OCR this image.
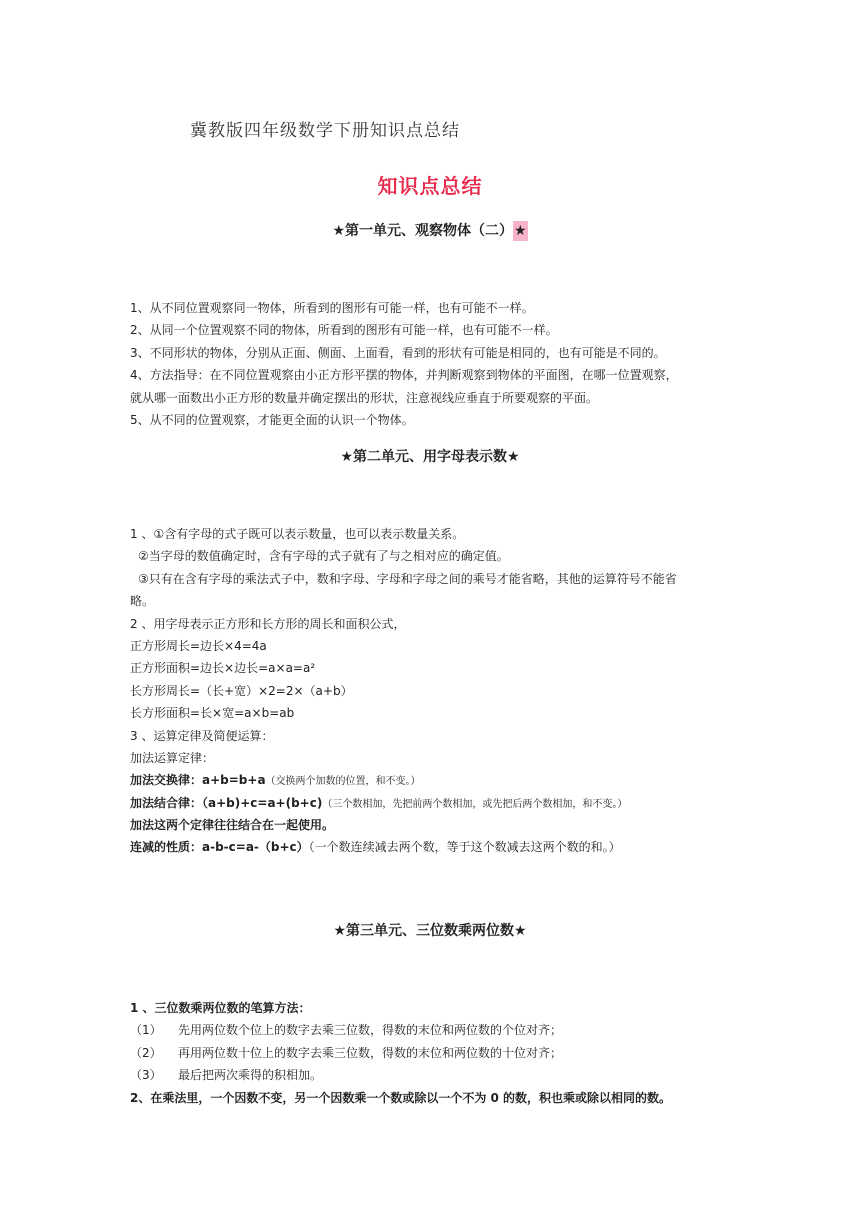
冀教版四年级数学下册知识点总结
知识点总结
★第一单元、观察物体（二）★
1、从不同位置观察同一物体，所看到的图形有可能一样，也有可能不一样。
2、从同一个位置观察不同的物体，所看到的图形有可能一样，也有可能不一样。
3、不同形状的物体，分别从正面、侧面、上面看，看到的形状有可能是相同的，也有可能是不同的。
4、方法指导：在不同位置观察由小正方形平摆的物体，并判断观察到物体的平面图，在哪一位置观察，
就从哪一面数出小正方形的数量并确定摆出的形状，注意视线应垂直于所要观察的平面。
5、从不同的位置观察，才能更全面的认识一个物体。
★第二单元、用字母表示数★
1 、①含有字母的式子既可以表示数量，也可以表示数量关系。
②当字母的数值确定时，含有字母的式子就有了与之相对应的确定值。
③只有在含有字母的乘法式子中，数和字母、字母和字母之间的乘号才能省略，其他的运算符号不能省
略。
2 、用字母表示正方形和长方形的周长和面积公式，
正方形周长=边长×4=4a
正方形面积=边长×边长=a×a=a²
长方形周长=（长+宽）×2=2×（a+b）
长方形面积=长×宽=a×b=ab
3 、运算定律及简便运算：
加法运算定律：
加法交换律：a+b=b+a（交换两个加数的位置，和不变。）
加法结合律：（a+b)+c=a+(b+c)（三个数相加，先把前两个数相加，或先把后两个数相加，和不变。）
加法这两个定律往往结合在一起使用。
连减的性质：a-b-c=a-（b+c）（一个数连续减去两个数，等于这个数减去这两个数的和。）
★第三单元、三位数乘两位数★
1 、三位数乘两位数的笔算方法：
（1） 先用两位数个位上的数字去乘三位数，得数的末位和两位数的个位对齐；
（2） 再用两位数十位上的数字去乘三位数，得数的末位和两位数的十位对齐；
（3） 最后把两次乘得的积相加。
2、在乘法里，一个因数不变，另一个因数乘一个数或除以一个不为 0 的数，积也乘或除以相同的数。
